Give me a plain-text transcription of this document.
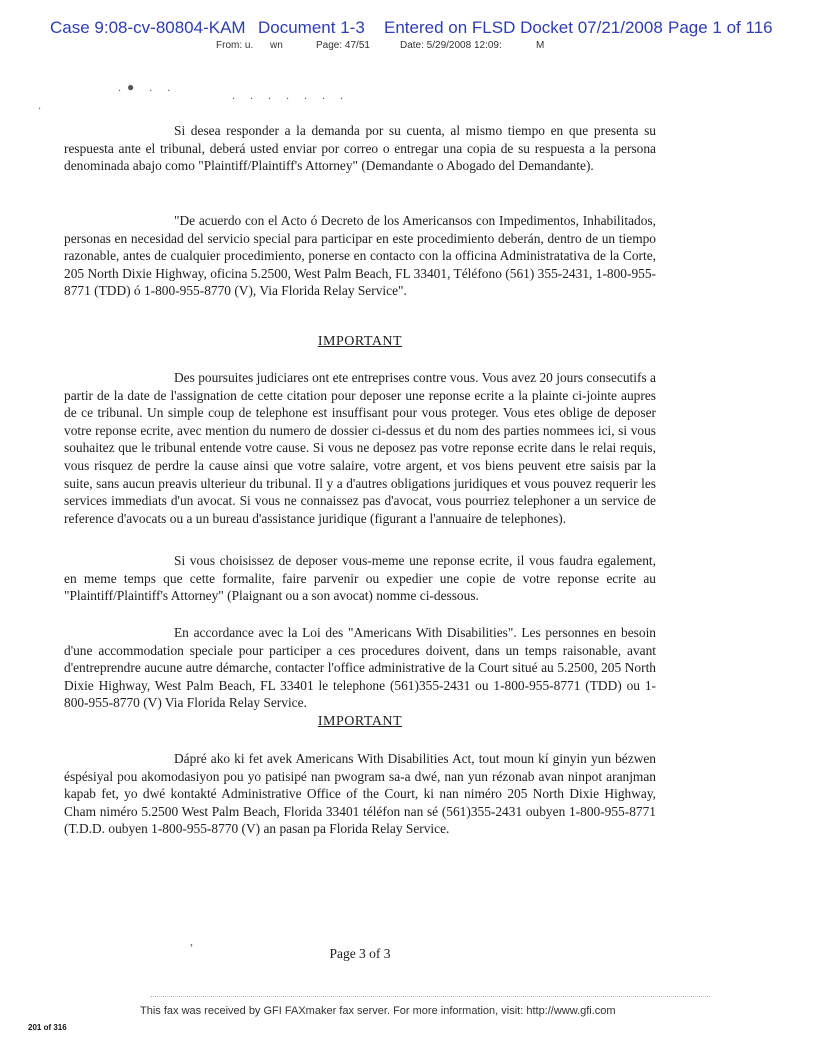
Case 9:08-cv-80804-KAM Document 1-3 Entered on FLSD Docket 07/21/2008 Page 1 of 116
From: u. wn	Page: 47/51	Date: 5/29/2008 12:09:	M
.● . .
. . . . . . .
.

Si desea responder a la demanda por su cuenta, al mismo tiempo en que presenta su respuesta ante el tribunal, deberá usted enviar por correo o entregar una copia de su respuesta a la persona denominada abajo como "Plaintiff/Plaintiff's Attorney" (Demandante o Abogado del Demandante).

"De acuerdo con el Acto ó Decreto de los Americansos con Impedimentos, Inhabilitados, personas en necesidad del servicio special para participar en este procedimiento deberán, dentro de un tiempo razonable, antes de cualquier procedimiento, ponerse en contacto con la officina Administratativa de la Corte, 205 North Dixie Highway, oficina 5.2500, West Palm Beach, FL 33401, Téléfono (561) 355-2431, 1-800-955-8771 (TDD) ó 1-800-955-8770 (V), Via Florida Relay Service".

IMPORTANT

Des poursuites judiciares ont ete entreprises contre vous. Vous avez 20 jours consecutifs a partir de la date de l'assignation de cette citation pour deposer une reponse ecrite a la plainte ci-jointe aupres de ce tribunal. Un simple coup de telephone est insuffisant pour vous proteger. Vous etes oblige de deposer votre reponse ecrite, avec mention du numero de dossier ci-dessus et du nom des parties nommees ici, si vous souhaitez que le tribunal entende votre cause. Si vous ne deposez pas votre reponse ecrite dans le relai requis, vous risquez de perdre la cause ainsi que votre salaire, votre argent, et vos biens peuvent etre saisis par la suite, sans aucun preavis ulterieur du tribunal. Il y a d'autres obligations juridiques et vous pouvez requerir les services immediats d'un avocat. Si vous ne connaissez pas d'avocat, vous pourriez telephoner a un service de reference d'avocats ou a un bureau d'assistance juridique (figurant a l'annuaire de telephones).

Si vous choisissez de deposer vous-meme une reponse ecrite, il vous faudra egalement, en meme temps que cette formalite, faire parvenir ou expedier une copie de votre reponse ecrite au "Plaintiff/Plaintiff's Attorney" (Plaignant ou a son avocat) nomme ci-dessous.

En accordance avec la Loi des "Americans With Disabilities". Les personnes en besoin d'une accommodation speciale pour participer a ces procedures doivent, dans un temps raisonable, avant d'entreprendre aucune autre démarche, contacter l'office administrative de la Court situé au 5.2500, 205 North Dixie Highway, West Palm Beach, FL 33401 le telephone (561)355-2431 ou 1-800-955-8771 (TDD) ou 1-800-955-8770 (V) Via Florida Relay Service.

IMPORTANT

Dápré ako ki fet avek Americans With Disabilities Act, tout moun kí ginyin yun bézwen éspésiyal pou akomodasiyon pou yo patisipé nan pwogram sa-a dwé, nan yun rézonab avan ninpot aranjman kapab fet, yo dwé kontakté Administrative Office of the Court, ki nan niméro 205 North Dixie Highway, Cham niméro 5.2500 West Palm Beach, Florida 33401 téléfon nan sé (561)355-2431 oubyen 1-800-955-8771 (T.D.D. oubyen 1-800-955-8770 (V) an pasan pa Florida Relay Service.

,
Page 3 of 3
This fax was received by GFI FAXmaker fax server. For more information, visit: http://www.gfi.com
201 of 316
